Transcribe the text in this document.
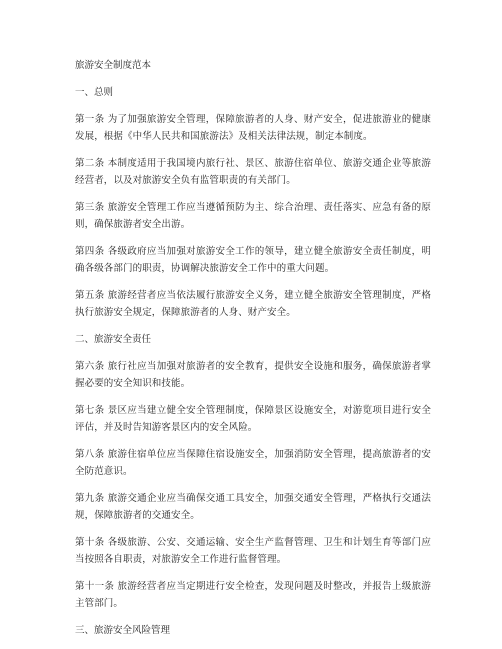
旅游安全制度范本
一、总则

第一条 为了加强旅游安全管理，保障旅游者的人身、财产安全，促进旅游业的健康发展，根据《中华人民共和国旅游法》及相关法律法规，制定本制度。

第二条 本制度适用于我国境内旅行社、景区、旅游住宿单位、旅游交通企业等旅游经营者，以及对旅游安全负有监管职责的有关部门。

第三条 旅游安全管理工作应当遵循预防为主、综合治理、责任落实、应急有备的原则，确保旅游者安全出游。

第四条 各级政府应当加强对旅游安全工作的领导，建立健全旅游安全责任制度，明确各级各部门的职责，协调解决旅游安全工作中的重大问题。

第五条 旅游经营者应当依法履行旅游安全义务，建立健全旅游安全管理制度，严格执行旅游安全规定，保障旅游者的人身、财产安全。

二、旅游安全责任

第六条 旅行社应当加强对旅游者的安全教育，提供安全设施和服务，确保旅游者掌握必要的安全知识和技能。

第七条 景区应当建立健全安全管理制度，保障景区设施安全，对游览项目进行安全评估，并及时告知游客景区内的安全风险。

第八条 旅游住宿单位应当保障住宿设施安全，加强消防安全管理，提高旅游者的安全防范意识。

第九条 旅游交通企业应当确保交通工具安全，加强交通安全管理，严格执行交通法规，保障旅游者的交通安全。

第十条 各级旅游、公安、交通运输、安全生产监督管理、卫生和计划生育等部门应当按照各自职责，对旅游安全工作进行监督管理。

第十一条 旅游经营者应当定期进行安全检查，发现问题及时整改，并报告上级旅游主管部门。

三、旅游安全风险管理
